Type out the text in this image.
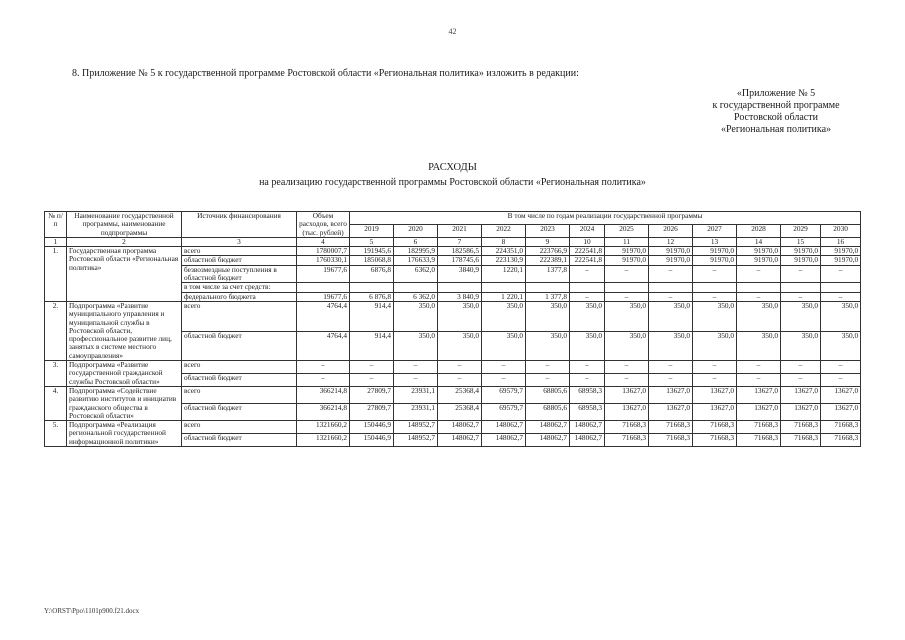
42
8. Приложение № 5 к государственной программе Ростовской области «Региональная политика» изложить в редакции:
«Приложение № 5
к государственной программе
Ростовской области
«Региональная политика»
РАСХОДЫ
на реализацию государственной программы Ростовской области «Региональная политика»
№ п/п	Наименование государственной программы, наименование подпрограммы	Источник финансирования	Объем расходов, всего (тыс. рублей)	В том числе по годам реализации государственной программы											
				2019	2020	2021	2022	2023	2024	2025	2026	2027	2028	2029	2030
1	2	3	4	5	6	7	8	9	10	11	12	13	14	15	16
1.	Государственная программа Ростовской области «Региональная политика»	всего	1780007,7	191945,6	182995,9	182586,5	224351,0	223766,9	222541,8	91970,0	91970,0	91970,0	91970,0	91970,0	91970,0
		областной бюджет	1760330,1	185068,8	176633,9	178745,6	223130,9	222389,1	222541,8	91970,0	91970,0	91970,0	91970,0	91970,0	91970,0
		безвозмездные поступления в областной бюджет	19677,6	6876,8	6362,0	3840,9	1220,1	1377,8	–	–	–	–	–	–	–
		в том числе за счет средств:													
		федерального бюджета	19677,6	6 876,8	6 362,0	3 840,9	1 220,1	1 377,8	–	–	–	–	–	–	–
2.	Подпрограмма «Развитие муниципального управления и муниципальной службы в Ростовской области, профессиональное развитие лиц, занятых в системе местного самоуправления»	всего	4764,4	914,4	350,0	350,0	350,0	350,0	350,0	350,0	350,0	350,0	350,0	350,0	350,0
		областной бюджет	4764,4	914,4	350,0	350,0	350,0	350,0	350,0	350,0	350,0	350,0	350,0	350,0	350,0
3.	Подпрограмма «Развитие государственной гражданской службы Ростовской области»	всего	–	–	–	–	–	–	–	–	–	–	–	–	–
		областной бюджет	–	–	–	–	–	–	–	–	–	–	–	–	–
4.	Подпрограмма «Содействие развитию институтов и инициатив гражданского общества в Ростовской области»	всего	366214,8	27809,7	23931,1	25368,4	69579,7	68805,6	68958,3	13627,0	13627,0	13627,0	13627,0	13627,0	13627,0
		областной бюджет	366214,8	27809,7	23931,1	25368,4	69579,7	68805,6	68958,3	13627,0	13627,0	13627,0	13627,0	13627,0	13627,0
5.	Подпрограмма «Реализация региональной государственной информационной политики»	всего	1321660,2	150446,9	148952,7	148062,7	148062,7	148062,7	148062,7	71668,3	71668,3	71668,3	71668,3	71668,3	71668,3
		областной бюджет	1321660,2	150446,9	148952,7	148062,7	148062,7	148062,7	148062,7	71668,3	71668,3	71668,3	71668,3	71668,3	71668,3
Y:\ORST\Ppo\1101p900.f21.docx
